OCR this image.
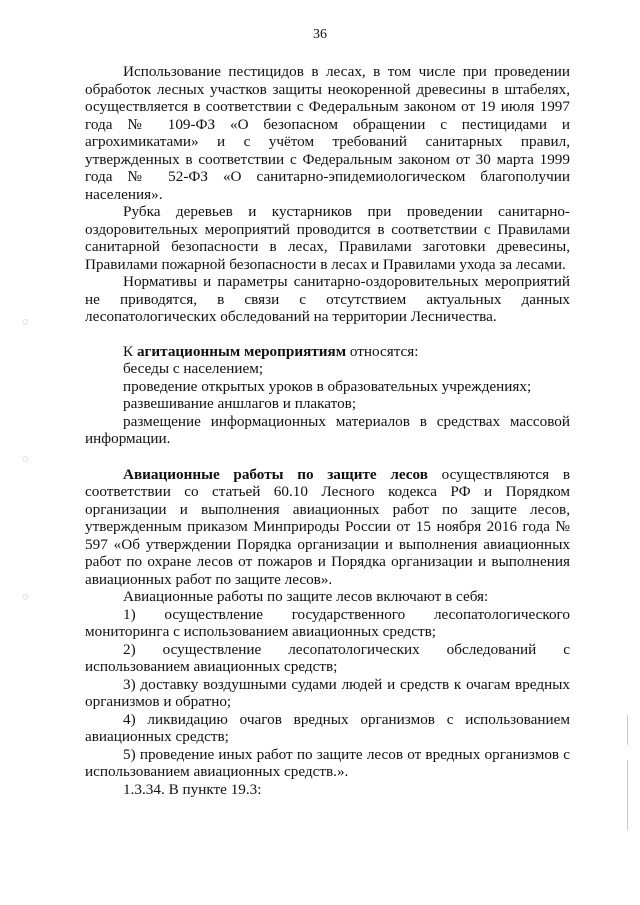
36
◌
◌
◌

Использование пестицидов в лесах, в том числе при проведении обработок лесных участков защиты неокоренной древесины в штабелях, осуществляется в соответствии с Федеральным законом от 19 июля 1997 года № 109-ФЗ «О безопасном обращении с пестицидами и агрохимикатами» и с учётом требований санитарных правил, утвержденных в соответствии с Федеральным законом от 30 марта 1999 года № 52-ФЗ «О санитарно-эпидемиологическом благополучии населения».

Рубка деревьев и кустарников при проведении санитарно-оздоровительных мероприятий проводится в соответствии с Правилами санитарной безопасности в лесах, Правилами заготовки древесины, Правилами пожарной безопасности в лесах и Правилами ухода за лесами.

Нормативы и параметры санитарно-оздоровительных мероприятий не приводятся, в связи с отсутствием актуальных данных лесопатологических обследований на территории Лесничества.

К агитационным мероприятиям относятся:

беседы с населением;

проведение открытых уроков в образовательных учреждениях;

развешивание аншлагов и плакатов;

размещение информационных материалов в средствах массовой информации.

Авиационные работы по защите лесов осуществляются в соответствии со статьей 60.10 Лесного кодекса РФ и Порядком организации и выполнения авиационных работ по защите лесов, утвержденным приказом Минприроды России от 15 ноября 2016 года № 597 «Об утверждении Порядка организации и выполнения авиационных работ по охране лесов от пожаров и Порядка организации и выполнения авиационных работ по защите лесов».

Авиационные работы по защите лесов включают в себя:

1) осуществление государственного лесопатологического мониторинга с использованием авиационных средств;

2) осуществление лесопатологических обследований с использованием авиационных средств;

3) доставку воздушными судами людей и средств к очагам вредных организмов и обратно;

4) ликвидацию очагов вредных организмов с использованием авиационных средств;

5) проведение иных работ по защите лесов от вредных организмов с использованием авиационных средств.».

1.3.34. В пункте 19.3:
